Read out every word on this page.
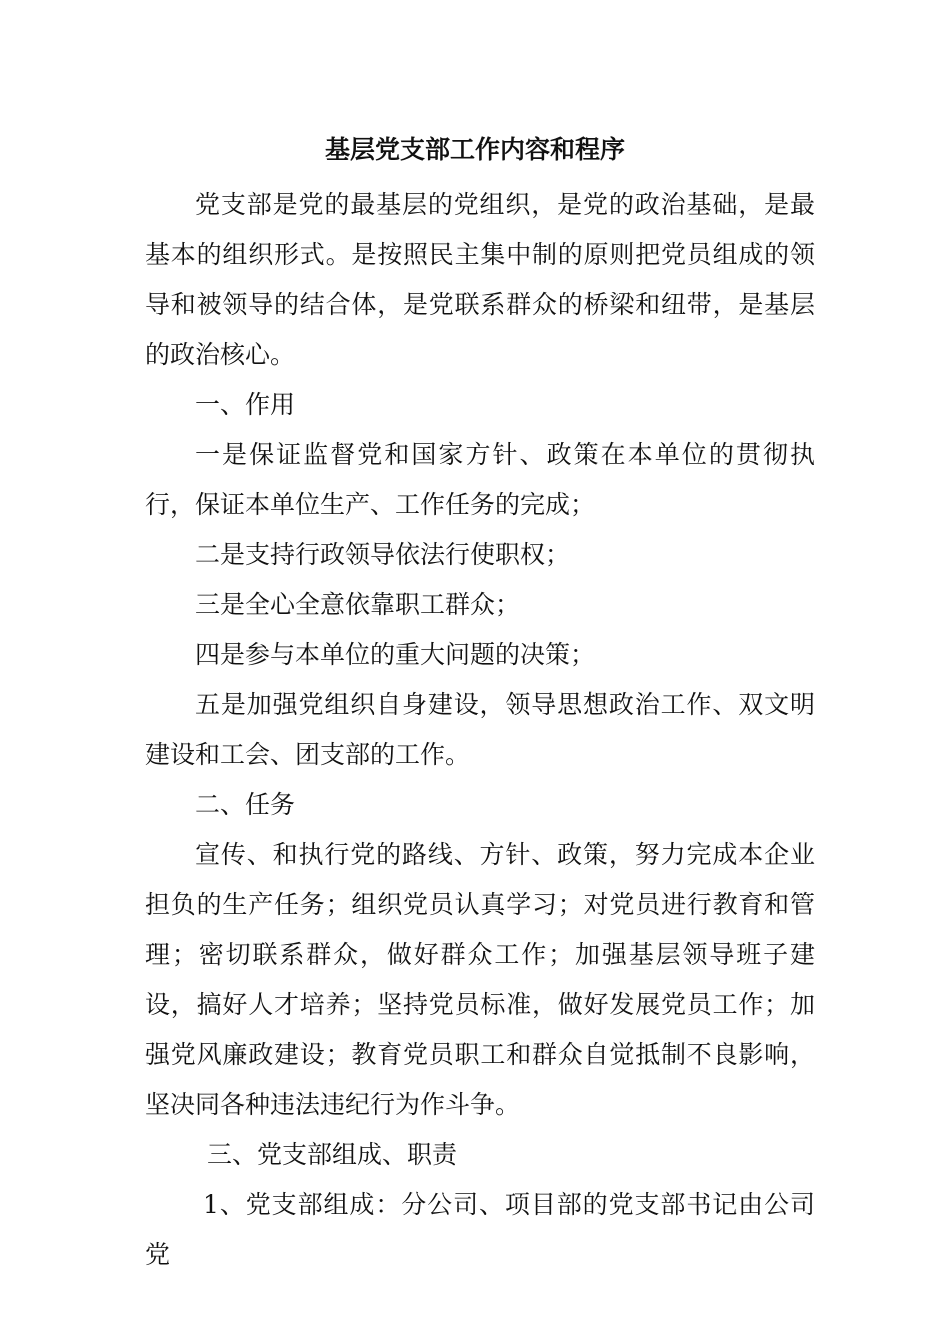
基层党支部工作内容和程序

党支部是党的最基层的党组织，是党的政治基础，是最基本的组织形式。是按照民主集中制的原则把党员组成的领导和被领导的结合体，是党联系群众的桥梁和纽带，是基层的政治核心。

一、作用

一是保证监督党和国家方针、政策在本单位的贯彻执行，保证本单位生产、工作任务的完成；

二是支持行政领导依法行使职权；

三是全心全意依靠职工群众；

四是参与本单位的重大问题的决策；

五是加强党组织自身建设，领导思想政治工作、双文明建设和工会、团支部的工作。

二、任务

宣传、和执行党的路线、方针、政策，努力完成本企业担负的生产任务；组织党员认真学习；对党员进行教育和管理；密切联系群众，做好群众工作；加强基层领导班子建设，搞好人才培养；坚持党员标准，做好发展党员工作；加强党风廉政建设；教育党员职工和群众自觉抵制不良影响，坚决同各种违法违纪行为作斗争。

三、党支部组成、职责

1、党支部组成：分公司、项目部的党支部书记由公司党
